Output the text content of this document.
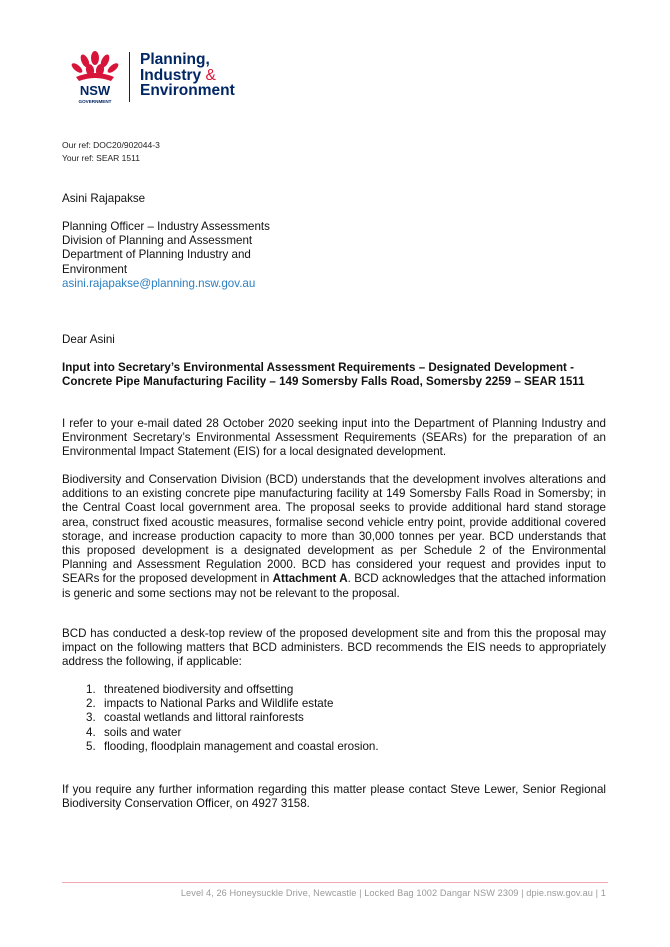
NSW
GOVERNMENT
Planning,
Industry &
Environment
Our ref: DOC20/902044-3
Your ref: SEAR 1511
Asini Rajapakse
Planning Officer – Industry Assessments
Division of Planning and Assessment
Department of Planning Industry and
Environment
asini.rajapakse@planning.nsw.gov.au
Dear Asini
Input into Secretary’s Environmental Assessment Requirements – Designated Development - Concrete Pipe Manufacturing Facility – 149 Somersby Falls Road, Somersby 2259 – SEAR 1511
I refer to your e-mail dated 28 October 2020 seeking input into the Department of Planning Industry and Environment Secretary’s Environmental Assessment Requirements (SEARs) for the preparation of an Environmental Impact Statement (EIS) for a local designated development.
Biodiversity and Conservation Division (BCD) understands that the development involves alterations and additions to an existing concrete pipe manufacturing facility at 149 Somersby Falls Road in Somersby; in the Central Coast local government area. The proposal seeks to provide additional hard stand storage area, construct fixed acoustic measures, formalise second vehicle entry point, provide additional covered storage, and increase production capacity to more than 30,000 tonnes per year. BCD understands that this proposed development is a designated development as per Schedule 2 of the Environmental Planning and Assessment Regulation 2000. BCD has considered your request and provides input to SEARs for the proposed development in Attachment A. BCD acknowledges that the attached information is generic and some sections may not be relevant to the proposal.
BCD has conducted a desk-top review of the proposed development site and from this the proposal may impact on the following matters that BCD administers. BCD recommends the EIS needs to appropriately address the following, if applicable:
1. threatened biodiversity and offsetting
2. impacts to National Parks and Wildlife estate
3. coastal wetlands and littoral rainforests
4. soils and water
5. flooding, floodplain management and coastal erosion.
If you require any further information regarding this matter please contact Steve Lewer, Senior Regional Biodiversity Conservation Officer, on 4927 3158.
Level 4, 26 Honeysuckle Drive, Newcastle | Locked Bag 1002 Dangar NSW 2309 | dpie.nsw.gov.au | 1
